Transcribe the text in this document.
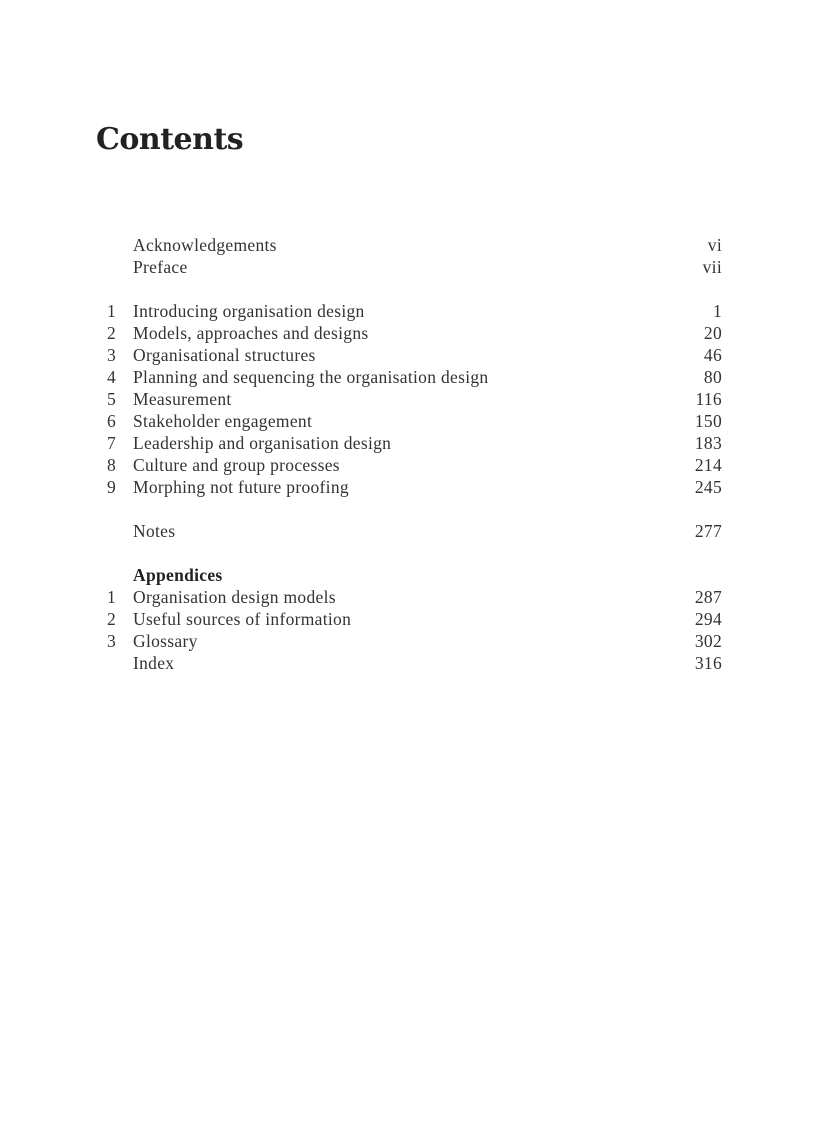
Contents
Acknowledgements	vi
Preface	vii
1 Introducing organisation design	1
2 Models, approaches and designs	20
3 Organisational structures	46
4 Planning and sequencing the organisation design	80
5 Measurement	116
6 Stakeholder engagement	150
7 Leadership and organisation design	183
8 Culture and group processes	214
9 Morphing not future proofing	245
Notes	277
Appendices
1 Organisation design models	287
2 Useful sources of information	294
3 Glossary	302
Index	316
